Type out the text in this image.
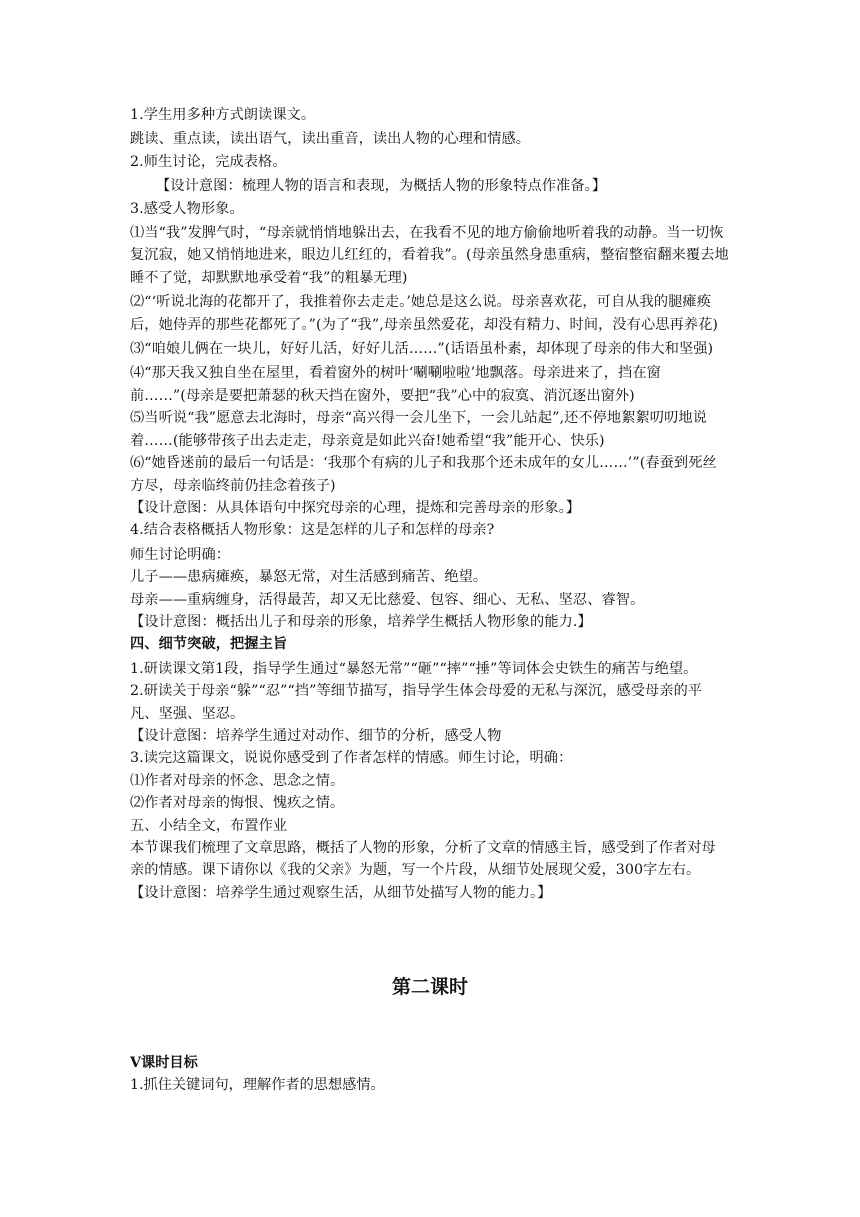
1.学生用多种方式朗读课文。

跳读、重点读，读出语气，读出重音，读出人物的心理和情感。

2.师生讨论，完成表格。

【设计意图：梳理人物的语言和表现，为概括人物的形象特点作准备。】

3.感受人物形象。

⑴当“我”发脾气时，“母亲就悄悄地躲出去，在我看不见的地方偷偷地听着我的动静。当一切恢复沉寂，她又悄悄地进来，眼边儿红红的，看着我”。(母亲虽然身患重病，整宿整宿翻来覆去地睡不了觉，却默默地承受着“我”的粗暴无理)

⑵“‘听说北海的花都开了，我推着你去走走。’她总是这么说。母亲喜欢花，可自从我的腿瘫痪后，她侍弄的那些花都死了。”(为了“我”,母亲虽然爱花，却没有精力、时间，没有心思再养花)

⑶“咱娘儿俩在一块儿，好好儿活，好好儿活……”(话语虽朴素，却体现了母亲的伟大和坚强)

⑷“那天我又独自坐在屋里，看着窗外的树叶‘唰唰啦啦’地飘落。母亲进来了，挡在窗前……”(母亲是要把萧瑟的秋天挡在窗外，要把“我”心中的寂寞、消沉逐出窗外)

⑸当听说“我”愿意去北海时，母亲“高兴得一会儿坐下，一会儿站起”,还不停地絮絮叨叨地说着……(能够带孩子出去走走，母亲竟是如此兴奋!她希望“我”能开心、快乐)

⑹“她昏迷前的最后一句话是：‘我那个有病的儿子和我那个还未成年的女儿……’”(春蚕到死丝方尽，母亲临终前仍挂念着孩子)

【设计意图：从具体语句中探究母亲的心理，提炼和完善母亲的形象。】

4.结合表格概括人物形象：这是怎样的儿子和怎样的母亲?

师生讨论明确：

儿子——患病瘫痪，暴怒无常，对生活感到痛苦、绝望。

母亲——重病缠身，活得最苦，却又无比慈爱、包容、细心、无私、坚忍、睿智。

【设计意图：概括出儿子和母亲的形象，培养学生概括人物形象的能力.】

四、细节突破，把握主旨

1.研读课文第1段，指导学生通过“暴怒无常”“砸”“摔”“捶”等词体会史铁生的痛苦与绝望。

2.研读关于母亲“躲”“忍”“挡”等细节描写，指导学生体会母爱的无私与深沉，感受母亲的平凡、坚强、坚忍。

【设计意图：培养学生通过对动作、细节的分析，感受人物

3.读完这篇课文，说说你感受到了作者怎样的情感。师生讨论，明确：

⑴作者对母亲的怀念、思念之情。

⑵作者对母亲的悔恨、愧疚之情。

五、小结全文，布置作业

本节课我们梳理了文章思路，概括了人物的形象，分析了文章的情感主旨，感受到了作者对母亲的情感。课下请你以《我的父亲》为题，写一个片段，从细节处展现父爱，300字左右。

【设计意图：培养学生通过观察生活，从细节处描写人物的能力。】

第二课时

Ⅴ课时目标

1.抓住关键词句，理解作者的思想感情。
